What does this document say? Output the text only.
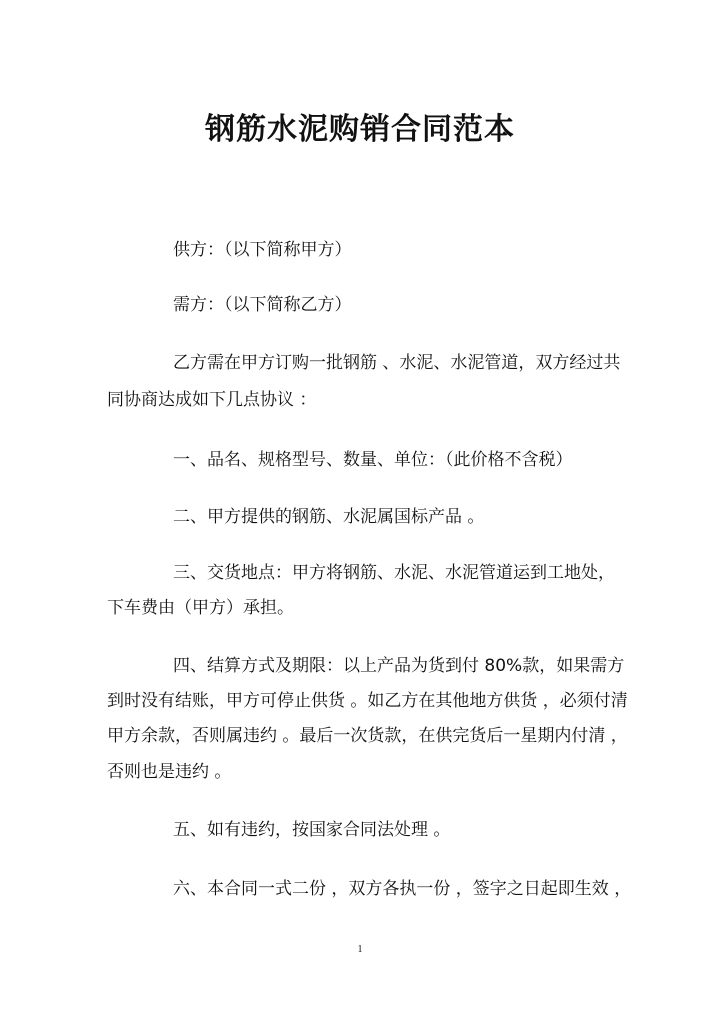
钢筋水泥购销合同范本
供方：（以下简称甲方）
需方：（以下简称乙方）
乙方需在甲方订购一批钢筋 、水泥、水泥管道，双方经过共
同协商达成如下几点协议 ：
一、品名、规格型号、数量、单位：（此价格不含税）
二、甲方提供的钢筋、水泥属国标产品 。
三、交货地点：甲方将钢筋、水泥、水泥管道运到工地处，
下车费由（甲方）承担。
四、结算方式及期限：以上产品为货到付 80%款，如果需方
到时没有结账，甲方可停止供货 。如乙方在其他地方供货 ，必须付清
甲方余款，否则属违约 。最后一次货款，在供完货后一星期内付清 ，
否则也是违约 。
五、如有违约，按国家合同法处理 。
六、本合同一式二份 ，双方各执一份 ，签字之日起即生效 ，
1
